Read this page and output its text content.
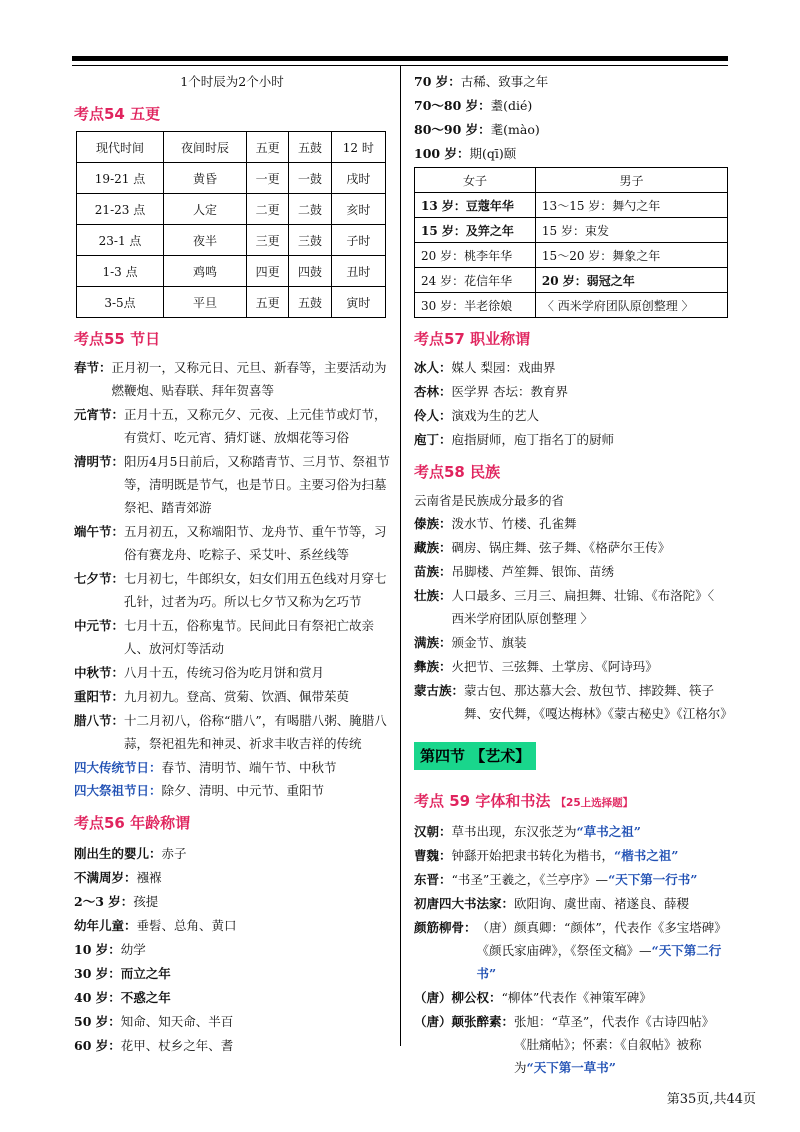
1个时辰为2个小时
考点54 五更
现代时间	夜间时辰	五更	五鼓	12 时
19-21 点	黄昏	一更	一鼓	戌时
21-23 点	人定	二更	二鼓	亥时
23-1 点	夜半	三更	三鼓	子时
1-3 点	鸡鸣	四更	四鼓	丑时
3-5点	平旦	五更	五鼓	寅时
考点55 节日
春节： 正月初一，又称元日、元旦、新春等，主要活动为燃鞭炮、贴春联、拜年贺喜等
元宵节： 正月十五，又称元夕、元夜、上元佳节或灯节，有赏灯、吃元宵、猜灯谜、放烟花等习俗
清明节： 阳历4月5日前后，又称踏青节、三月节、祭祖节等，清明既是节气，也是节日。主要习俗为扫墓祭祀、踏青郊游
端午节： 五月初五，又称端阳节、龙舟节、重午节等，习俗有赛龙舟、吃粽子、采艾叶、系丝线等
七夕节： 七月初七，牛郎织女，妇女们用五色线对月穿七孔针，过者为巧。所以七夕节又称为乞巧节
中元节： 七月十五，俗称鬼节。民间此日有祭祀亡故亲人、放河灯等活动
中秋节： 八月十五，传统习俗为吃月饼和赏月
重阳节： 九月初九。登高、赏菊、饮酒、佩带茱萸
腊八节： 十二月初八，俗称“腊八”，有喝腊八粥、腌腊八蒜，祭祀祖先和神灵、祈求丰收吉祥的传统
四大传统节日：春节、清明节、端午节、中秋节
四大祭祖节日：除夕、清明、中元节、重阳节
考点56 年龄称谓
刚出生的婴儿： 赤子
不满周岁： 襁褓
2～3 岁： 孩提
幼年儿童： 垂髫、总角、黄口
10 岁： 幼学
30 岁： 而立之年
40 岁： 不惑之年
50 岁： 知命、知天命、半百
60 岁： 花甲、杖乡之年、耆
70 岁： 古稀、致事之年
70～80 岁： 耋(dié)
80～90 岁： 耄(mào)
100 岁： 期(qī)颐
女子	男子
13 岁：豆蔻年华	13～15 岁：舞勺之年
15 岁：及笄之年	15 岁：束发
20 岁：桃李年华	15～20 岁：舞象之年
24 岁：花信年华	20 岁：弱冠之年
30 岁：半老徐娘	〈 西米学府团队原创整理 〉
考点57 职业称谓
冰人： 媒人 梨园：戏曲界
杏林： 医学界 杏坛：教育界
伶人： 演戏为生的艺人
庖丁： 庖指厨师，庖丁指名丁的厨师
考点58 民族
云南省是民族成分最多的省
傣族： 泼水节、竹楼、孔雀舞
藏族： 碉房、锅庄舞、弦子舞、《格萨尔王传》
苗族： 吊脚楼、芦笙舞、银饰、苗绣
壮族： 人口最多、三月三、扁担舞、壮锦、《布洛陀》〈 西米学府团队原创整理 〉
满族： 颁金节、旗装
彝族： 火把节、三弦舞、土掌房、《阿诗玛》
蒙古族： 蒙古包、那达慕大会、敖包节、摔跤舞、筷子舞、安代舞，《嘎达梅林》《蒙古秘史》《江格尔》
第四节 【艺术】
考点 59 字体和书法 【25上选择题】
汉朝： 草书出现，东汉张芝为“草书之祖”
曹魏： 钟繇开始把隶书转化为楷书，“楷书之祖”
东晋： “书圣”王羲之，《兰亭序》—“天下第一行书”
初唐四大书法家： 欧阳询、虞世南、褚遂良、薛稷
颜筋柳骨： （唐）颜真卿：“颜体”，代表作《多宝塔碑》《颜氏家庙碑》，《祭侄文稿》—“天下第二行书”
（唐）柳公权： “柳体”代表作《神策军碑》
（唐）颠张醉素： 张旭：“草圣”，代表作《古诗四帖》《肚痛帖》；怀素：《自叙帖》被称为“天下第一草书”
第35页,共44页
